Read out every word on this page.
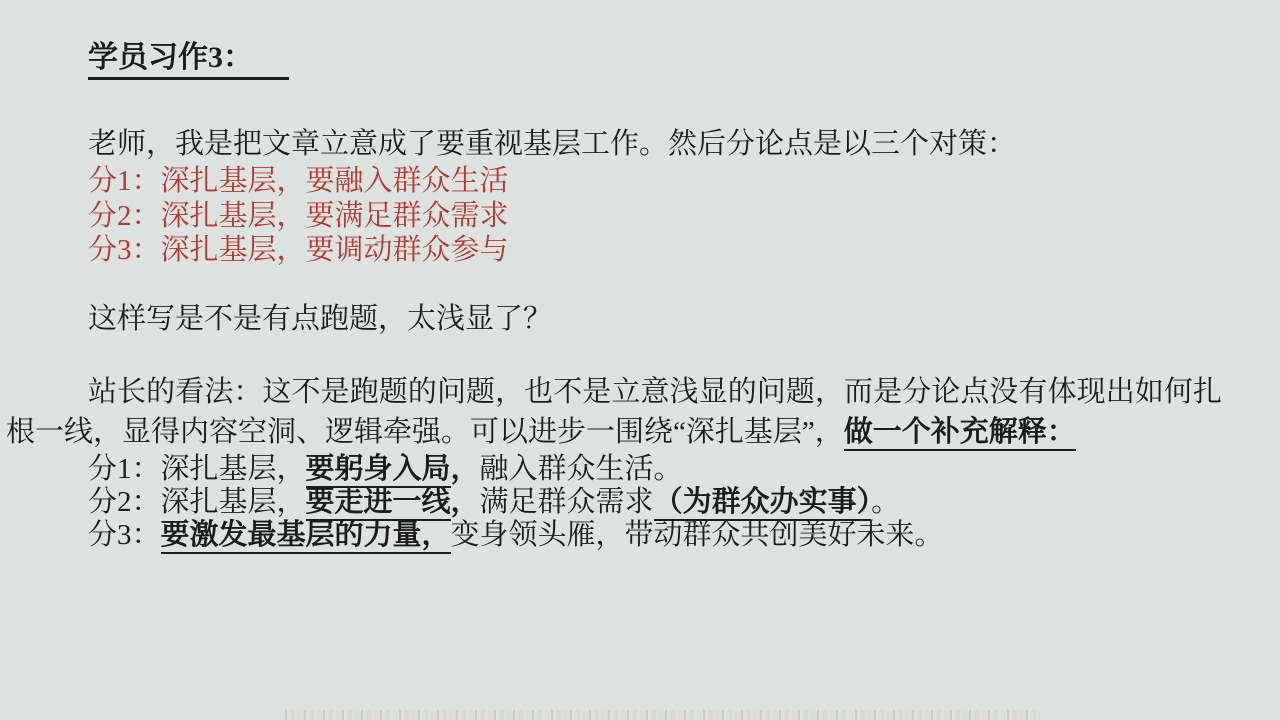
学员习作3：

老师，我是把文章立意成了要重视基层工作。然后分论点是以三个对策：

分1：深扎基层，要融入群众生活
分2：深扎基层，要满足群众需求
分3：深扎基层，要调动群众参与

这样写是不是有点跑题，太浅显了？

站长的看法：这不是跑题的问题，也不是立意浅显的问题，而是分论点没有体现出如何扎根一线，显得内容空洞、逻辑牵强。可以进步一围绕“深扎基层”，做一个补充解释：

分1：深扎基层，要躬身入局，融入群众生活。
分2：深扎基层，要走进一线，满足群众需求（为群众办实事）。
分3：要激发最基层的力量，变身领头雁，带动群众共创美好未来。
